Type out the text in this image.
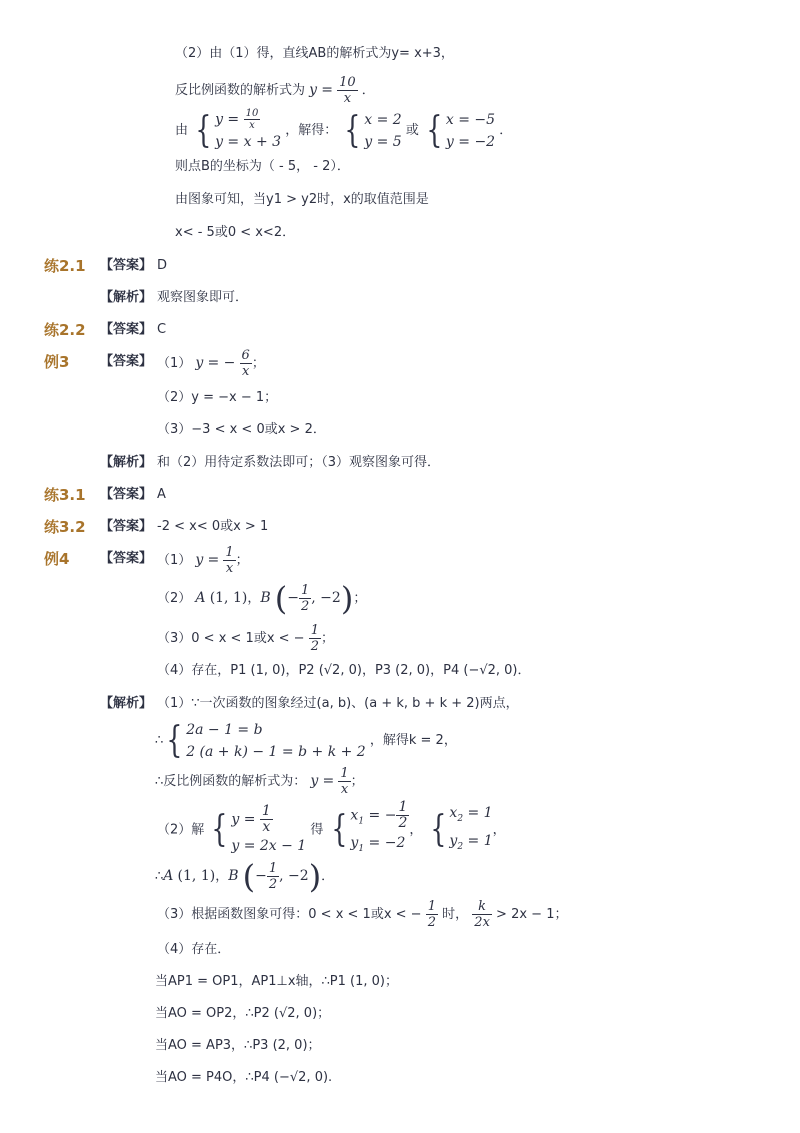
（2）由（1）得，直线AB的解析式为y= x+3，
反比例函数的解析式为 $y = \frac{10}{x}$ ．
由 { $y = \frac{10}{x}$
y = x + 3
，解得： { x = 2
y = 5
或 { x = −5
y = −2
．
则点B的坐标为（ - 5， - 2）．
由图象可知，当y1 > y2时，x的取值范围是
x< - 5或0 < x<2．
练2.1 【答案】 D
【解析】 观察图象即可．
练2.2 【答案】 C
例3 【答案】 （1） y = − $\frac{6}{x}$ ；
（2）y = −x − 1；
（3）−3 < x < 0或x > 2．
【解析】 和（2）用待定系数法即可；（3）观察图象可得．
练3.1 【答案】 A
练3.2 【答案】 -2 < x< 0或x > 1
例4 【答案】 （1） $y = \frac{1}{x}$ ；
（2） A (1, 1)，B (− $\frac{1}{2}$ , −2)；
（3）0 < x < 1或x < − $\frac{1}{2}$ ；
（4）存在，P1 (1, 0)，P2 (√2, 0)，P3 (2, 0)，P4 (−√2, 0)．
【解析】 （1）∵一次函数的图象经过(a, b)、(a + k, b + k + 2)两点，
∴{ 2a − 1 = b
2 (a + k) − 1 = b + k + 2
，解得k = 2，
∴反比例函数的解析式为： $y = \frac{1}{x}$ ；
（2）解 { $y = \frac{1}{x}$
y = 2x − 1
得 { $x_1$ = − $\frac{1}{2}$
$y_1 = -2$
， { $x_2 = 1$
$y_2 = 1$
，
∴A (1, 1)，B (− $\frac{1}{2}$ , −2)．
（3）根据函数图象可得：0 < x < 1或x < − $\frac{1}{2}$ 时， $\frac{k}{2x} > 2x - 1$；
（4）存在．
当AP1 = OP1，AP1⊥x轴，∴P1 (1, 0)；
当AO = OP2，∴P2 (√2, 0)；
当AO = AP3，∴P3 (2, 0)；
当AO = P4O，∴P4 (−√2, 0).
